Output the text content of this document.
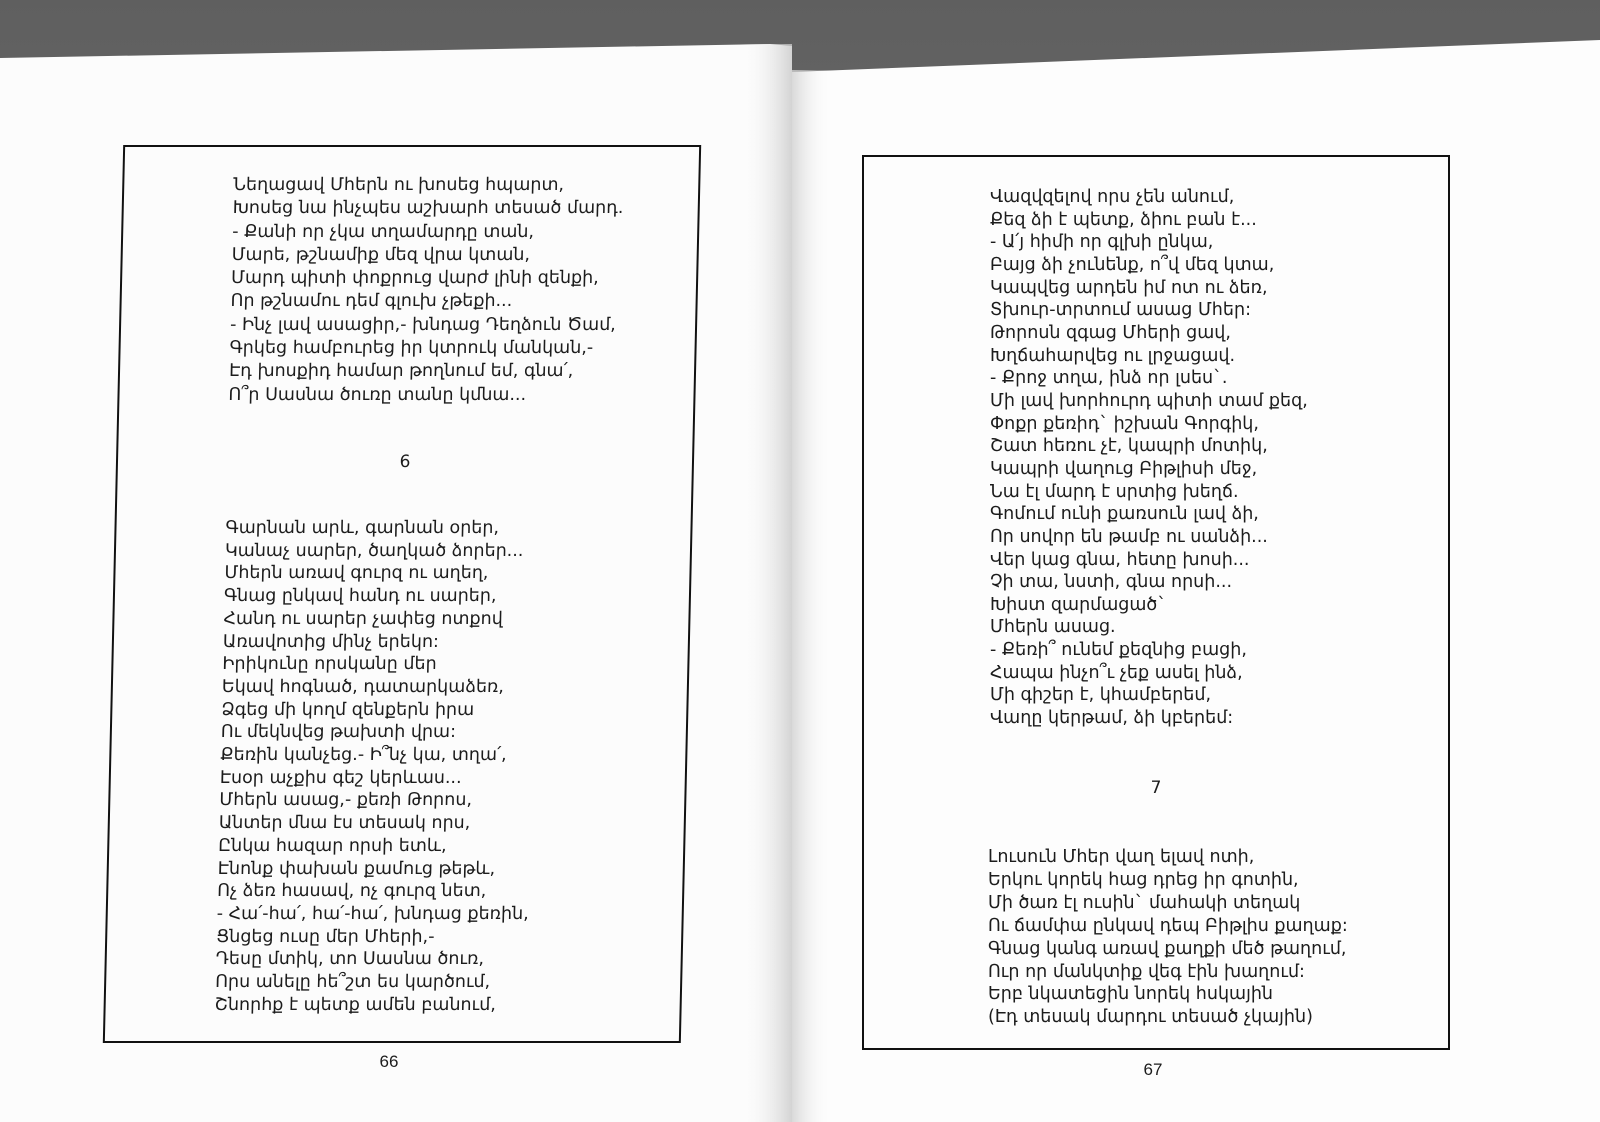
Նեղացավ Մհերն ու խոսեց հպարտ,
Խոսեց նա ինչպես աշխարհ տեսած մարդ.
- Քանի որ չկա տղամարդը տան,
Մարե, թշնամիք մեզ վրա կտան,
Մարդ պիտի փոքրուց վարժ լինի զենքի,
Որ թշնամու դեմ գլուխ չթեքի...
- Ինչ լավ ասացիր,- խնդաց Դեղձուն Ծամ,
Գրկեց համբուրեց իր կտրուկ մանկան,-
Էդ խոսքիդ համար թողնում եմ, գնա՛,
Ո՞ր Սասնա ծուռը տանը կմնա...
6
Գարնան արև, գարնան օրեր,
Կանաչ սարեր, ծաղկած ձորեր...
Մհերն առավ գուրզ ու աղեղ,
Գնաց ընկավ հանդ ու սարեր,
Հանդ ու սարեր չափեց ոտքով
Առավոտից մինչ երեկո:
Իրիկունը որսկանը մեր
Եկավ հոգնած, դատարկաձեռ,
Ձգեց մի կողմ զենքերն իրա
Ու մեկնվեց թախտի վրա:
Քեռին կանչեց.- Ի՞նչ կա, տղա՛,
Էսօր աչքիս գեշ կերևաս...
Մհերն ասաց,- քեռի Թորոս,
Անտեր մնա էս տեսակ որս,
Ընկա հազար որսի ետև,
Էնոնք փախան քամուց թեթև,
Ոչ ձեռ հասավ, ոչ գուրզ նետ,
- Հա՛-հա՛, հա՛-հա՛, խնդաց քեռին,
Ցնցեց ուսը մեր Մհերի,-
Դեսը մտիկ, տո Սասնա ծուռ,
Որս անելը հե՞շտ ես կարծում,
Շնորհք է պետք ամեն բանում,
66
Վազվզելով որս չեն անում,
Քեզ ձի է պետք, ձիու բան է...
- Ա՛յ հիմի որ գլխի ընկա,
Բայց ձի չունենք, ո՞վ մեզ կտա,
Կապվեց արդեն իմ ոտ ու ձեռ,
Տխուր-տրտում ասաց Մհեր:
Թորոսն զգաց Մհերի ցավ,
Խղճահարվեց ու լրջացավ.
- Քրոջ տղա, ինձ որ լսես`.
Մի լավ խորհուրդ պիտի տամ քեզ,
Փոքր քեռիդ` իշխան Գորգիկ,
Շատ հեռու չէ, կապրի մոտիկ,
Կապրի վաղուց Բիթլիսի մեջ,
Նա էլ մարդ է սրտից խեղճ.
Գոմում ունի քառսուն լավ ձի,
Որ սովոր են թամբ ու սանձի...
Վեր կաց գնա, հետը խոսի...
Չի տա, նստի, գնա որսի...
Խիստ զարմացած`
Մհերն ասաց.
- Քեռի՞ ունեմ քեզնից բացի,
Հապա ինչո՞ւ չեք ասել ինձ,
Մի գիշեր է, կհամբերեմ,
Վաղը կերթամ, ձի կբերեմ:
7
Լուսուն Մհեր վաղ ելավ ոտի,
Երկու կորեկ հաց դրեց իր գոտին,
Մի ծառ էլ ուսին` մահակի տեղակ
Ու ճամփա ընկավ դեպ Բիթլիս քաղաք:
Գնաց կանգ առավ քաղքի մեծ թաղում,
Ուր որ մանկտիք վեգ էին խաղում:
Երբ նկատեցին նորեկ հսկային
(Էդ տեսակ մարդու տեսած չկային)
67
